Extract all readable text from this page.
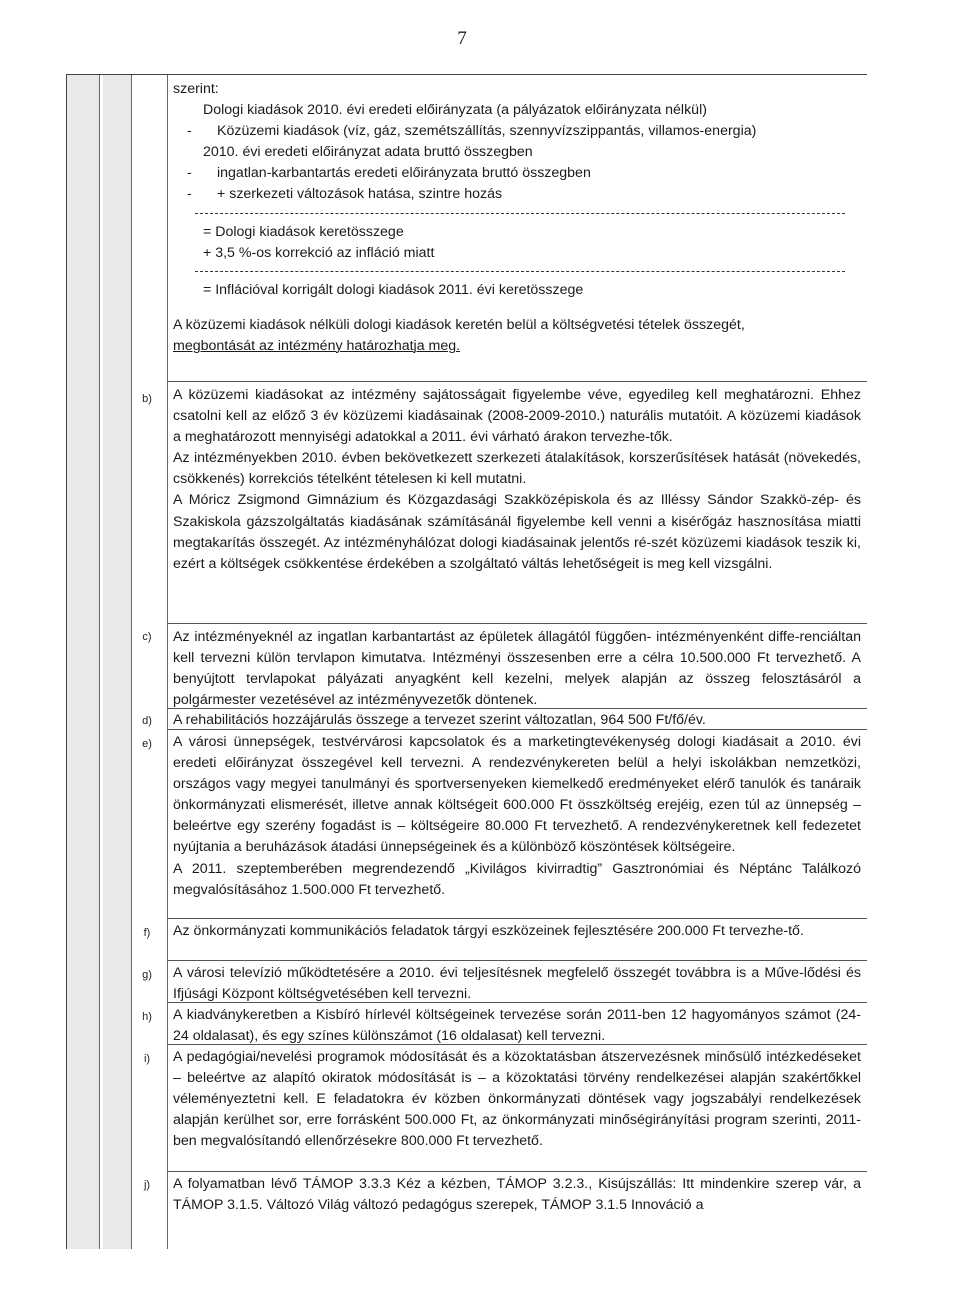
7
b)
c)
d)
e)
f)
g)
h)
i)
j)

szerint:

Dologi kiadások 2010. évi eredeti előirányzata (a pályázatok előirányzata nélkül)

- Közüzemi kiadások (víz, gáz, szemétszállítás, szennyvízszippantás, villamos-energia)

2010. évi eredeti előirányzat adata bruttó összegben

- ingatlan-karbantartás eredeti előirányzata bruttó összegben

- + szerkezeti változások hatása, szintre hozás

= Dologi kiadások keretösszege

+ 3,5 %-os korrekció az infláció miatt

= Inflációval korrigált dologi kiadások 2011. évi keretösszege

A közüzemi kiadások nélküli dologi kiadások keretén belül a költségvetési tételek összegét,

megbontását az intézmény határozhatja meg.

A közüzemi kiadásokat az intézmény sajátosságait figyelembe véve, egyedileg kell meghatározni. Ehhez csatolni kell az előző 3 év közüzemi kiadásainak (2008-2009-2010.) naturális mutatóit. A közüzemi kiadások a meghatározott mennyiségi adatokkal a 2011. évi várható árakon tervezhe-tők.

Az intézményekben 2010. évben bekövetkezett szerkezeti átalakítások, korszerűsítések hatását (növekedés, csökkenés) korrekciós tételként tételesen ki kell mutatni.

A Móricz Zsigmond Gimnázium és Közgazdasági Szakközépiskola és az Illéssy Sándor Szakkö-zép- és Szakiskola gázszolgáltatás kiadásának számításánál figyelembe kell venni a kisérőgáz hasznosítása miatti megtakarítás összegét. Az intézményhálózat dologi kiadásainak jelentős ré-szét közüzemi kiadások teszik ki, ezért a költségek csökkentése érdekében a szolgáltató váltás lehetőségeit is meg kell vizsgálni.

Az intézményeknél az ingatlan karbantartást az épületek állagától függően- intézményenként diffe-renciáltan kell tervezni külön tervlapon kimutatva. Intézményi összesenben erre a célra 10.500.000 Ft tervezhető. A benyújtott tervlapokat pályázati anyagként kell kezelni, melyek alapján az összeg felosztásáról a polgármester vezetésével az intézményvezetők döntenek.

A rehabilitációs hozzájárulás összege a tervezet szerint változatlan, 964 500 Ft/fő/év.

A városi ünnepségek, testvérvárosi kapcsolatok és a marketingtevékenység dologi kiadásait a 2010. évi eredeti előirányzat összegével kell tervezni. A rendezvénykereten belül a helyi iskolákban nemzetközi, országos vagy megyei tanulmányi és sportversenyeken kiemelkedő eredményeket elérő tanulók és tanáraik önkormányzati elismerését, illetve annak költségeit 600.000 Ft összköltség erejéig, ezen túl az ünnepség – beleértve egy szerény fogadást is – költségeire 80.000 Ft tervezhető. A rendezvénykeretnek kell fedezetet nyújtania a beruházások átadási ünnepségeinek és a különböző köszöntések költségeire.

A 2011. szeptemberében megrendezendő „Kivilágos kivirradtig” Gasztronómiai és Néptánc Találkozó megvalósításához 1.500.000 Ft tervezhető.

Az önkormányzati kommunikációs feladatok tárgyi eszközeinek fejlesztésére 200.000 Ft tervezhe-tő.

A városi televízió működtetésére a 2010. évi teljesítésnek megfelelő összegét továbbra is a Műve-lődési és Ifjúsági Központ költségvetésében kell tervezni.

A kiadványkeretben a Kisbíró hírlevél költségeinek tervezése során 2011-ben 12 hagyományos számot (24-24 oldalasat), és egy színes különszámot (16 oldalasat) kell tervezni.

A pedagógiai/nevelési programok módosítását és a közoktatásban átszervezésnek minősülő intézkedéseket – beleértve az alapító okiratok módosítását is – a közoktatási törvény rendelkezései alapján szakértőkkel véleményeztetni kell. E feladatokra év közben önkormányzati döntések vagy jogszabályi rendelkezések alapján kerülhet sor, erre forrásként 500.000 Ft, az önkormányzati minőségirányítási program szerinti, 2011-ben megvalósítandó ellenőrzésekre 800.000 Ft tervezhető.

A folyamatban lévő TÁMOP 3.3.3 Kéz a kézben, TÁMOP 3.2.3., Kisújszállás: Itt mindenkire szerep vár, a TÁMOP 3.1.5. Változó Világ változó pedagógus szerepek, TÁMOP 3.1.5 Innováció a
